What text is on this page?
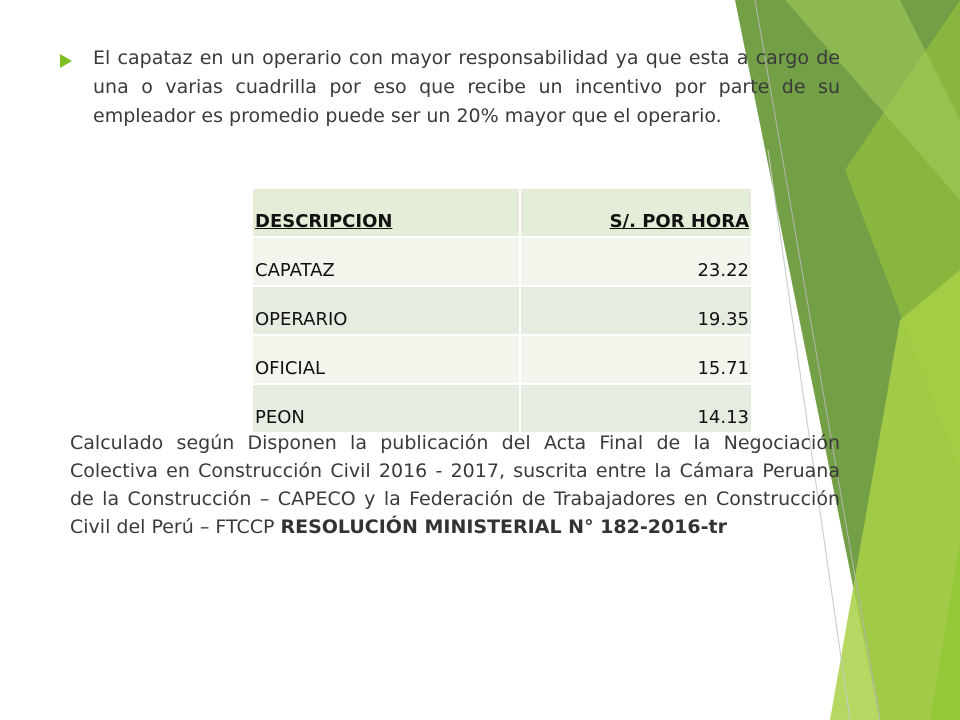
El capataz en un operario con mayor responsabilidad ya que esta a cargo de una o varias cuadrilla por eso que recibe un incentivo por parte de su empleador es promedio puede ser un 20% mayor que el operario.

DESCRIPCION	S/. POR HORA
CAPATAZ	23.22
OPERARIO	19.35
OFICIAL	15.71
PEON	14.13

Calculado según Disponen la publicación del Acta Final de la Negociación Colectiva en Construcción Civil 2016 - 2017, suscrita entre la Cámara Peruana de la Construcción – CAPECO y la Federación de Trabajadores en Construcción Civil del Perú – FTCCP RESOLUCIÓN MINISTERIAL N° 182-2016-tr
